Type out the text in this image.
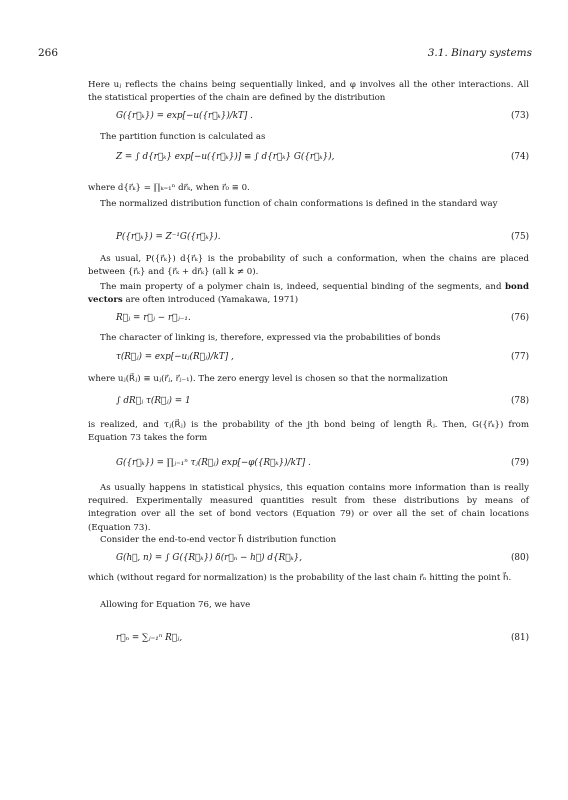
266	3.1. Binary systems
Here uⱼ reflects the chains being sequentially linked, and φ involves all the other interactions. All the statistical properties of the chain are defined by the distribution
G({r⃗ₖ}) = exp[−u({r⃗ₖ})/kT] .	(73)
The partition function is calculated as
Z = ∫ d{r⃗ₖ} exp[−u({r⃗ₖ})] ≡ ∫ d{r⃗ₖ} G({r⃗ₖ}),	(74)
where d{r⃗ₖ} = ∏ₖ₌₁ⁿ dr⃗ₖ, when r⃗₀ ≡ 0.
The normalized distribution function of chain conformations is defined in the standard way
P({r⃗ₖ}) = Z⁻¹G({r⃗ₖ}).	(75)
As usual, P({r⃗ₖ}) d{r⃗ₖ} is the probability of such a conformation, when the chains are placed between {r⃗ₖ} and {r⃗ₖ + dr⃗ₖ} (all k ≠ 0).
The main property of a polymer chain is, indeed, sequential binding of the segments, and bond vectors are often introduced (Yamakawa, 1971)
R⃗ⱼ = r⃗ⱼ − r⃗ⱼ₋₁.	(76)
The character of linking is, therefore, expressed via the probabilities of bonds
τ(R⃗ⱼ) = exp[−uⱼ(R⃗ⱼ)/kT] ,	(77)
where uⱼ(R⃗ⱼ) ≡ uⱼ(r⃗ⱼ, r⃗ⱼ₋₁). The zero energy level is chosen so that the normalization
∫ dR⃗ⱼ τ(R⃗ⱼ) = 1	(78)
is realized, and τⱼ(R⃗ⱼ) is the probability of the jth bond being of length R⃗ⱼ. Then, G({r⃗ₖ}) from Equation 73 takes the form
G({r⃗ₖ}) = ∏ⱼ₌₁ⁿ τⱼ(R⃗ⱼ) exp[−φ({R⃗ₖ})/kT] .	(79)
As usually happens in statistical physics, this equation contains more information than is really required. Experimentally measured quantities result from these distributions by means of integration over all the set of bond vectors (Equation 79) or over all the set of chain locations (Equation 73).
Consider the end-to-end vector h⃗ distribution function
G(h⃗, n) = ∫ G({R⃗ₖ}) δ(r⃗ₙ − h⃗) d{R⃗ₖ},	(80)
which (without regard for normalization) is the probability of the last chain r⃗ₙ hitting the point h⃗.
Allowing for Equation 76, we have
r⃗ₙ = ∑ⱼ₌₁ⁿ R⃗ⱼ,	(81)
